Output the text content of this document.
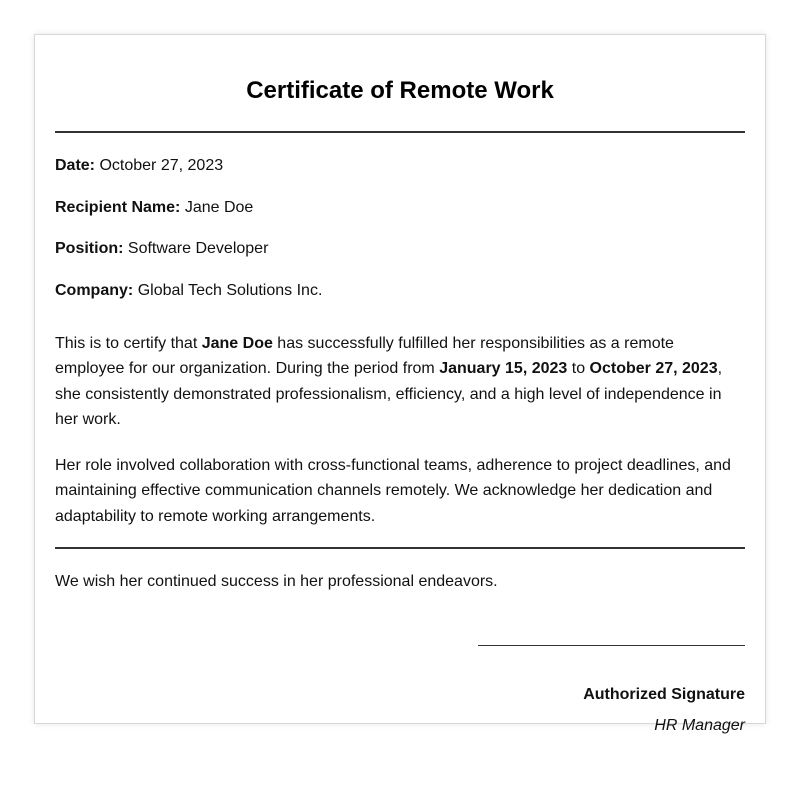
Certificate of Remote Work

Date: October 27, 2023

Recipient Name: Jane Doe

Position: Software Developer

Company: Global Tech Solutions Inc.

This is to certify that Jane Doe has successfully fulfilled her responsibilities as a remote employee for our organization. During the period from January 15, 2023 to October 27, 2023, she consistently demonstrated professionalism, efficiency, and a high level of independence in her work.

Her role involved collaboration with cross-functional teams, adherence to project deadlines, and maintaining effective communication channels remotely. We acknowledge her dedication and adaptability to remote working arrangements.

We wish her continued success in her professional endeavors.

Authorized Signature
HR Manager
